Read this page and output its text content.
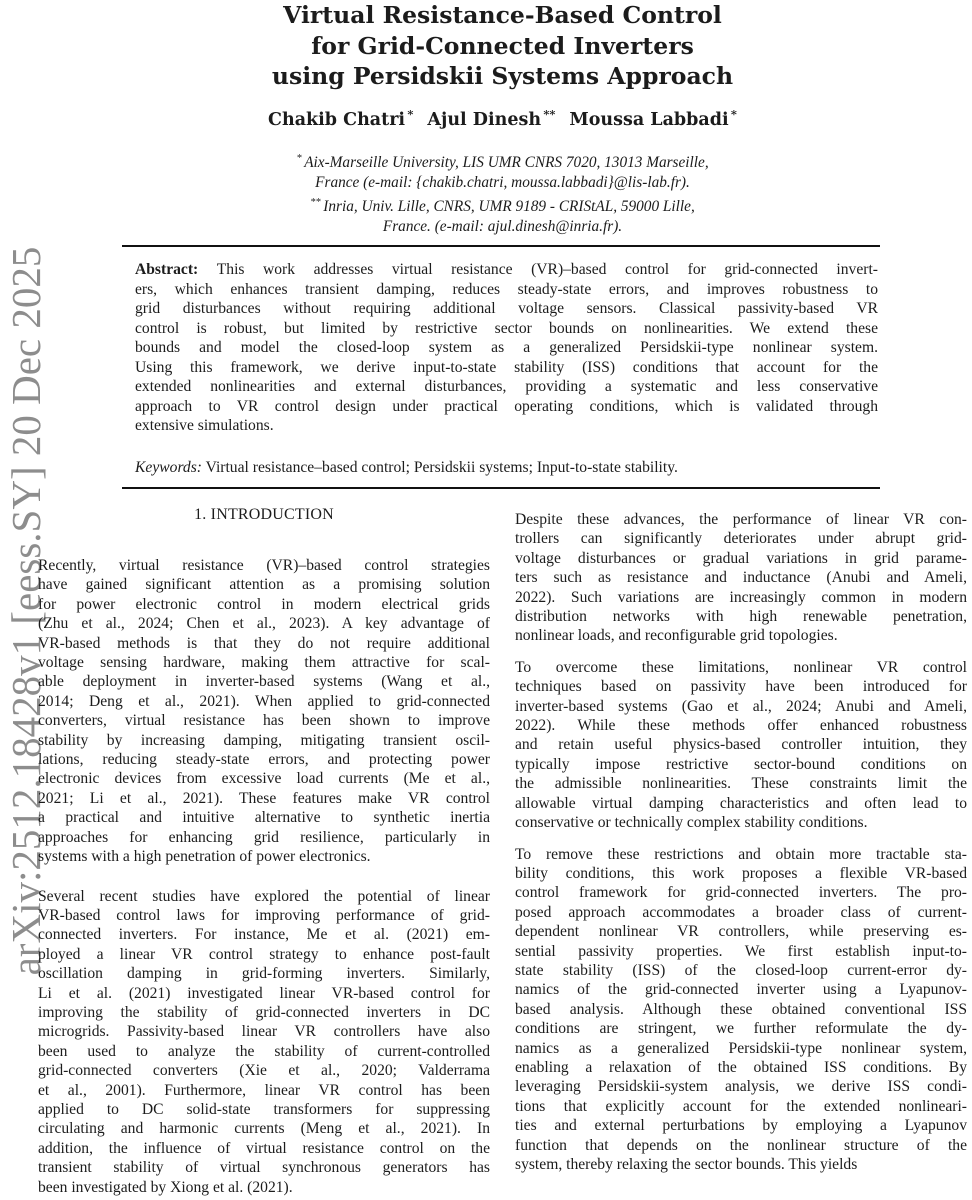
arXiv:2512.18428v1 [eess.SY] 20 Dec 2025
Virtual Resistance-Based Control
for Grid-Connected Inverters
using Persidskii Systems Approach
Chakib Chatri * Ajul Dinesh ** Moussa Labbadi *
* Aix-Marseille University, LIS UMR CNRS 7020, 13013 Marseille,
France (e-mail: {chakib.chatri, moussa.labbadi}@lis-lab.fr).
** Inria, Univ. Lille, CNRS, UMR 9189 - CRIStAL, 59000 Lille,
France. (e-mail: ajul.dinesh@inria.fr).
Abstract: This work addresses virtual resistance (VR)–based control for grid-connected invert-
ers, which enhances transient damping, reduces steady-state errors, and improves robustness to
grid disturbances without requiring additional voltage sensors. Classical passivity-based VR
control is robust, but limited by restrictive sector bounds on nonlinearities. We extend these
bounds and model the closed-loop system as a generalized Persidskii-type nonlinear system.
Using this framework, we derive input-to-state stability (ISS) conditions that account for the
extended nonlinearities and external disturbances, providing a systematic and less conservative
approach to VR control design under practical operating conditions, which is validated through
extensive simulations.
Keywords: Virtual resistance–based control; Persidskii systems; Input-to-state stability.
1. INTRODUCTION
Recently, virtual resistance (VR)–based control strategies
have gained significant attention as a promising solution
for power electronic control in modern electrical grids
(Zhu et al., 2024; Chen et al., 2023). A key advantage of
VR-based methods is that they do not require additional
voltage sensing hardware, making them attractive for scal-
able deployment in inverter-based systems (Wang et al.,
2014; Deng et al., 2021). When applied to grid-connected
converters, virtual resistance has been shown to improve
stability by increasing damping, mitigating transient oscil-
lations, reducing steady-state errors, and protecting power
electronic devices from excessive load currents (Me et al.,
2021; Li et al., 2021). These features make VR control
a practical and intuitive alternative to synthetic inertia
approaches for enhancing grid resilience, particularly in
systems with a high penetration of power electronics.
Several recent studies have explored the potential of linear
VR-based control laws for improving performance of grid-
connected inverters. For instance, Me et al. (2021) em-
ployed a linear VR control strategy to enhance post-fault
oscillation damping in grid-forming inverters. Similarly,
Li et al. (2021) investigated linear VR-based control for
improving the stability of grid-connected inverters in DC
microgrids. Passivity-based linear VR controllers have also
been used to analyze the stability of current-controlled
grid-connected converters (Xie et al., 2020; Valderrama
et al., 2001). Furthermore, linear VR control has been
applied to DC solid-state transformers for suppressing
circulating and harmonic currents (Meng et al., 2021). In
addition, the influence of virtual resistance control on the
transient stability of virtual synchronous generators has
been investigated by Xiong et al. (2021).
Despite these advances, the performance of linear VR con-
trollers can significantly deteriorates under abrupt grid-
voltage disturbances or gradual variations in grid parame-
ters such as resistance and inductance (Anubi and Ameli,
2022). Such variations are increasingly common in modern
distribution networks with high renewable penetration,
nonlinear loads, and reconfigurable grid topologies.
To overcome these limitations, nonlinear VR control
techniques based on passivity have been introduced for
inverter-based systems (Gao et al., 2024; Anubi and Ameli,
2022). While these methods offer enhanced robustness
and retain useful physics-based controller intuition, they
typically impose restrictive sector-bound conditions on
the admissible nonlinearities. These constraints limit the
allowable virtual damping characteristics and often lead to
conservative or technically complex stability conditions.
To remove these restrictions and obtain more tractable sta-
bility conditions, this work proposes a flexible VR-based
control framework for grid-connected inverters. The pro-
posed approach accommodates a broader class of current-
dependent nonlinear VR controllers, while preserving es-
sential passivity properties. We first establish input-to-
state stability (ISS) of the closed-loop current-error dy-
namics of the grid-connected inverter using a Lyapunov-
based analysis. Although these obtained conventional ISS
conditions are stringent, we further reformulate the dy-
namics as a generalized Persidskii-type nonlinear system,
enabling a relaxation of the obtained ISS conditions. By
leveraging Persidskii-system analysis, we derive ISS condi-
tions that explicitly account for the extended nonlineari-
ties and external perturbations by employing a Lyapunov
function that depends on the nonlinear structure of the
system, thereby relaxing the sector bounds. This yields
